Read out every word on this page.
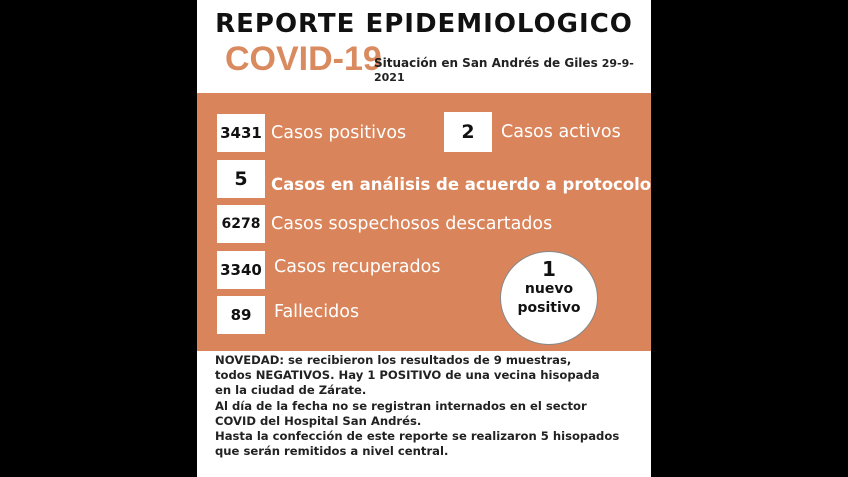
REPORTE EPIDEMIOLOGICO
COVID-19
Situación en San Andrés de Giles 29-9-2021
3431 Casos positivos	2	Casos activos
5	Casos en análisis de acuerdo a protocolo
6278 Casos sospechosos descartados
3340 Casos recuperados
89	Fallecidos
1
nuevo
positivo

NOVEDAD: se recibieron los resultados de 9 muestras,

todos NEGATIVOS. Hay 1 POSITIVO de una vecina hisopada

en la ciudad de Zárate.

Al día de la fecha no se registran internados en el sector

COVID del Hospital San Andrés.

Hasta la confección de este reporte se realizaron 5 hisopados

que serán remitidos a nivel central.
